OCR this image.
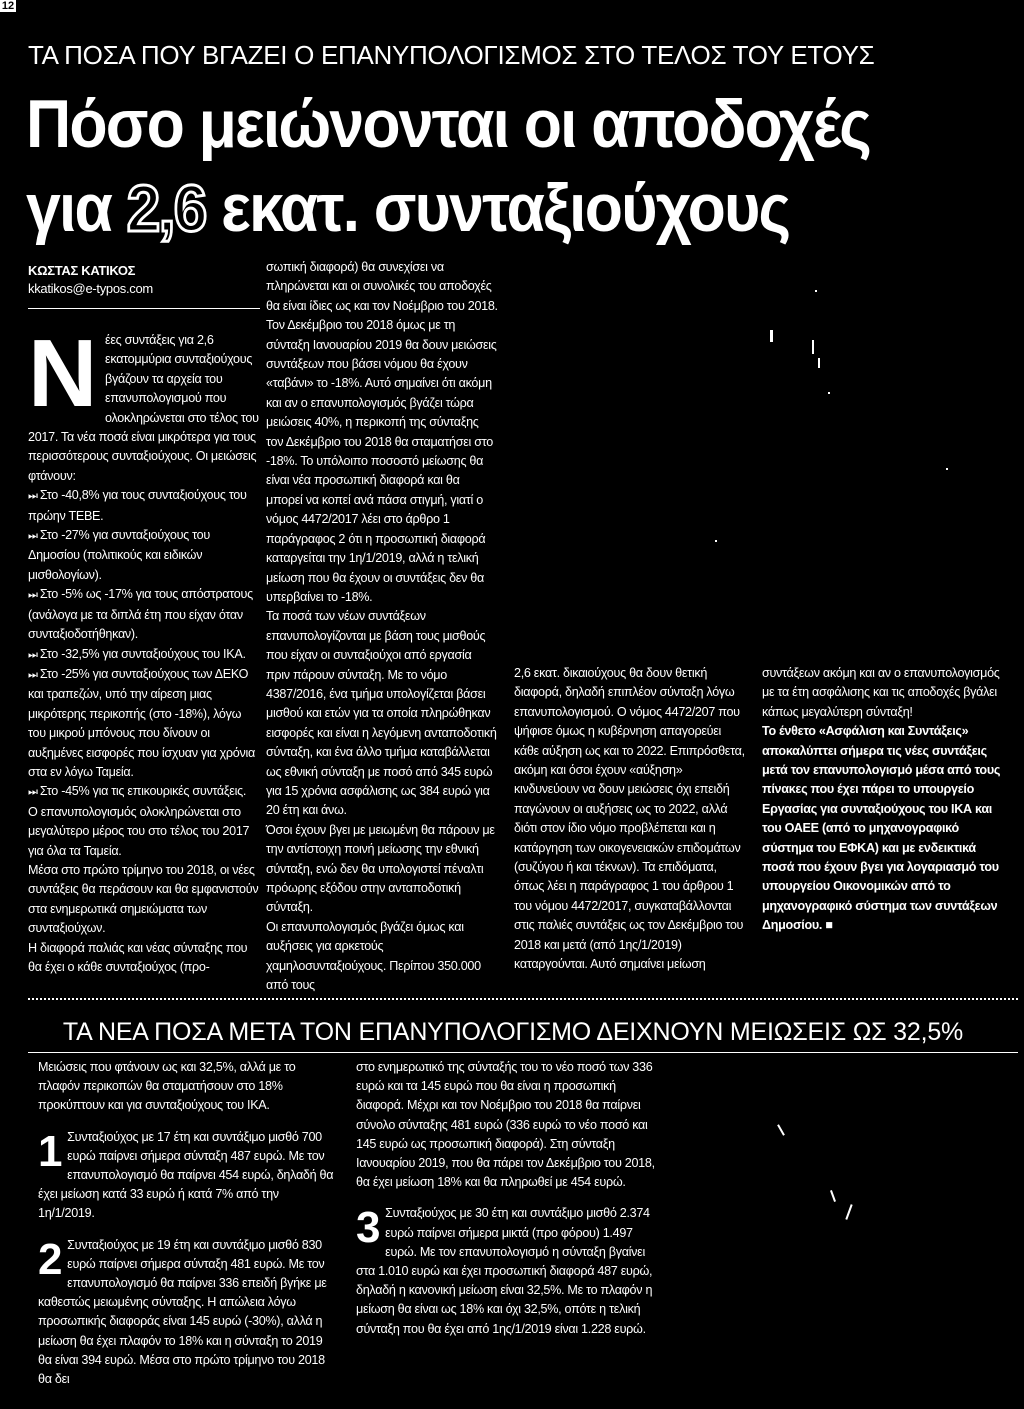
12
ΤΑ ΠΟΣΑ ΠΟΥ ΒΓΑΖΕΙ Ο ΕΠΑΝΥΠΟΛΟΓΙΣΜΟΣ ΣΤΟ ΤΕΛΟΣ ΤΟΥ ΕΤΟΥΣ
Πόσο μειώνονται οι αποδοχές
για 2,6 εκατ. συνταξιούχους
ΚΩΣΤΑΣ ΚΑΤΙΚΟΣ
kkatikos@e-typos.com

Νέες συντάξεις για 2,6 εκατομμύρια συνταξιούχους βγάζουν τα αρχεία του επανυπολογισμού που ολοκληρώνεται στο τέλος του 2017. Τα νέα ποσά είναι μικρότερα για τους περισσότερους συνταξιούχους. Οι μειώσεις φτάνουν:

⏭ Στο -40,8% για τους συνταξιούχους του πρώην ΤΕΒΕ.

⏭ Στο -27% για συνταξιούχους του Δημοσίου (πολιτικούς και ειδικών μισθολογίων).

⏭ Στο -5% ως -17% για τους απόστρατους (ανάλογα με τα διπλά έτη που είχαν όταν συνταξιοδοτήθηκαν).

⏭ Στο -32,5% για συνταξιούχους του ΙΚΑ.

⏭ Στο -25% για συνταξιούχους των ΔΕΚΟ και τραπεζών, υπό την αίρεση μιας μικρότερης περικοπής (στο -18%), λόγω του μικρού μπόνους που δίνουν οι αυξημένες εισφορές που ίσχυαν για χρόνια στα εν λόγω Ταμεία.

⏭ Στο -45% για τις επικουρικές συντάξεις.

Ο επανυπολογισμός ολοκληρώνεται στο μεγαλύτερο μέρος του στο τέλος του 2017 για όλα τα Ταμεία.

Μέσα στο πρώτο τρίμηνο του 2018, οι νέες συντάξεις θα περάσουν και θα εμφανιστούν στα ενημερωτικά σημειώματα των συνταξιούχων.

Η διαφορά παλιάς και νέας σύνταξης που θα έχει ο κάθε συνταξιούχος (προ-

σωπική διαφορά) θα συνεχίσει να πληρώνεται και οι συνολικές του αποδοχές θα είναι ίδιες ως και τον Νοέμβριο του 2018. Τον Δεκέμβριο του 2018 όμως με τη σύνταξη Ιανουαρίου 2019 θα δουν μειώσεις συντάξεων που βάσει νόμου θα έχουν «ταβάνι» το -18%. Αυτό σημαίνει ότι ακόμη και αν ο επανυπολογισμός βγάζει τώρα μειώσεις 40%, η περικοπή της σύνταξης τον Δεκέμβριο του 2018 θα σταματήσει στο -18%. Το υπόλοιπο ποσοστό μείωσης θα είναι νέα προσωπική διαφορά και θα μπορεί να κοπεί ανά πάσα στιγμή, γιατί ο νόμος 4472/2017 λέει στο άρθρο 1 παράγραφος 2 ότι η προσωπική διαφορά καταργείται την 1η/1/2019, αλλά η τελική μείωση που θα έχουν οι συντάξεις δεν θα υπερβαίνει το -18%.

Τα ποσά των νέων συντάξεων επανυπολογίζονται με βάση τους μισθούς που είχαν οι συνταξιούχοι από εργασία πριν πάρουν σύνταξη. Με το νόμο 4387/2016, ένα τμήμα υπολογίζεται βάσει μισθού και ετών για τα οποία πληρώθηκαν εισφορές και είναι η λεγόμενη ανταποδοτική σύνταξη, και ένα άλλο τμήμα καταβάλλεται ως εθνική σύνταξη με ποσό από 345 ευρώ για 15 χρόνια ασφάλισης ως 384 ευρώ για 20 έτη και άνω.

Όσοι έχουν βγει με μειωμένη θα πάρουν με την αντίστοιχη ποινή μείωσης την εθνική σύνταξη, ενώ δεν θα υπολογιστεί πέναλτι πρόωρης εξόδου στην ανταποδοτική σύνταξη.

Οι επανυπολογισμός βγάζει όμως και αυξήσεις για αρκετούς χαμηλοσυνταξιούχους. Περίπου 350.000 από τους

2,6 εκατ. δικαιούχους θα δουν θετική διαφορά, δηλαδή επιπλέον σύνταξη λόγω επανυπολογισμού. Ο νόμος 4472/207 που ψήφισε όμως η κυβέρνηση απαγορεύει κάθε αύξηση ως και το 2022. Επιπρόσθετα, ακόμη και όσοι έχουν «αύξηση» κινδυνεύουν να δουν μειώσεις όχι επειδή παγώνουν οι αυξήσεις ως το 2022, αλλά διότι στον ίδιο νόμο προβλέπεται και η κατάργηση των οικογενειακών επιδομάτων (συζύγου ή και τέκνων). Τα επιδόματα, όπως λέει η παράγραφος 1 του άρθρου 1 του νόμου 4472/2017, συγκαταβάλλονται στις παλιές συντάξεις ως τον Δεκέμβριο του 2018 και μετά (από 1ης/1/2019) καταργούνται. Αυτό σημαίνει μείωση

συντάξεων ακόμη και αν ο επανυπολογισμός με τα έτη ασφάλισης και τις αποδοχές βγάλει κάπως μεγαλύτερη σύνταξη!

Το ένθετο «Ασφάλιση και Συντάξεις» αποκαλύπτει σήμερα τις νέες συντάξεις μετά τον επανυπολογισμό μέσα από τους πίνακες που έχει πάρει το υπουργείο Εργασίας για συνταξιούχους του ΙΚΑ και του ΟΑΕΕ (από το μηχανογραφικό σύστημα του ΕΦΚΑ) και με ενδεικτικά ποσά που έχουν βγει για λογαριασμό του υπουργείου Οικονομικών από το μηχανογραφικό σύστημα των συντάξεων Δημοσίου. ■

ΤΑ ΝΕΑ ΠΟΣΑ ΜΕΤΑ ΤΟΝ ΕΠΑΝΥΠΟΛΟΓΙΣΜΟ ΔΕΙΧΝΟΥΝ ΜΕΙΩΣΕΙΣ ΩΣ 32,5%

Μειώσεις που φτάνουν ως και 32,5%, αλλά με το πλαφόν περικοπών θα σταματήσουν στο 18% προκύπτουν και για συνταξιούχους του ΙΚΑ.

1 Συνταξιούχος με 17 έτη και συντάξιμο μισθό 700 ευρώ παίρνει σήμερα σύνταξη 487 ευρώ. Με τον επανυπολογισμό θα παίρνει 454 ευρώ, δηλαδή θα έχει μείωση κατά 33 ευρώ ή κατά 7% από την 1η/1/2019.

2 Συνταξιούχος με 19 έτη και συντάξιμο μισθό 830 ευρώ παίρνει σήμερα σύνταξη 481 ευρώ. Με τον επανυπολογισμό θα παίρνει 336 επειδή βγήκε με καθεστώς μειωμένης σύνταξης. Η απώλεια λόγω προσωπικής διαφοράς είναι 145 ευρώ (-30%), αλλά η μείωση θα έχει πλαφόν το 18% και η σύνταξη το 2019 θα είναι 394 ευρώ. Μέσα στο πρώτο τρίμηνο του 2018 θα δει

στο ενημερωτικό της σύνταξής του το νέο ποσό των 336 ευρώ και τα 145 ευρώ που θα είναι η προσωπική διαφορά. Μέχρι και τον Νοέμβριο του 2018 θα παίρνει σύνολο σύνταξης 481 ευρώ (336 ευρώ το νέο ποσό και 145 ευρώ ως προσωπική διαφορά). Στη σύνταξη Ιανουαρίου 2019, που θα πάρει τον Δεκέμβριο του 2018, θα έχει μείωση 18% και θα πληρωθεί με 454 ευρώ.

3 Συνταξιούχος με 30 έτη και συντάξιμο μισθό 2.374 ευρώ παίρνει σήμερα μικτά (προ φόρου) 1.497 ευρώ. Με τον επανυπολογισμό η σύνταξη βγαίνει στα 1.010 ευρώ και έχει προσωπική διαφορά 487 ευρώ, δηλαδή η κανονική μείωση είναι 32,5%. Με το πλαφόν η μείωση θα είναι ως 18% και όχι 32,5%, οπότε η τελική σύνταξη που θα έχει από 1ης/1/2019 είναι 1.228 ευρώ.
